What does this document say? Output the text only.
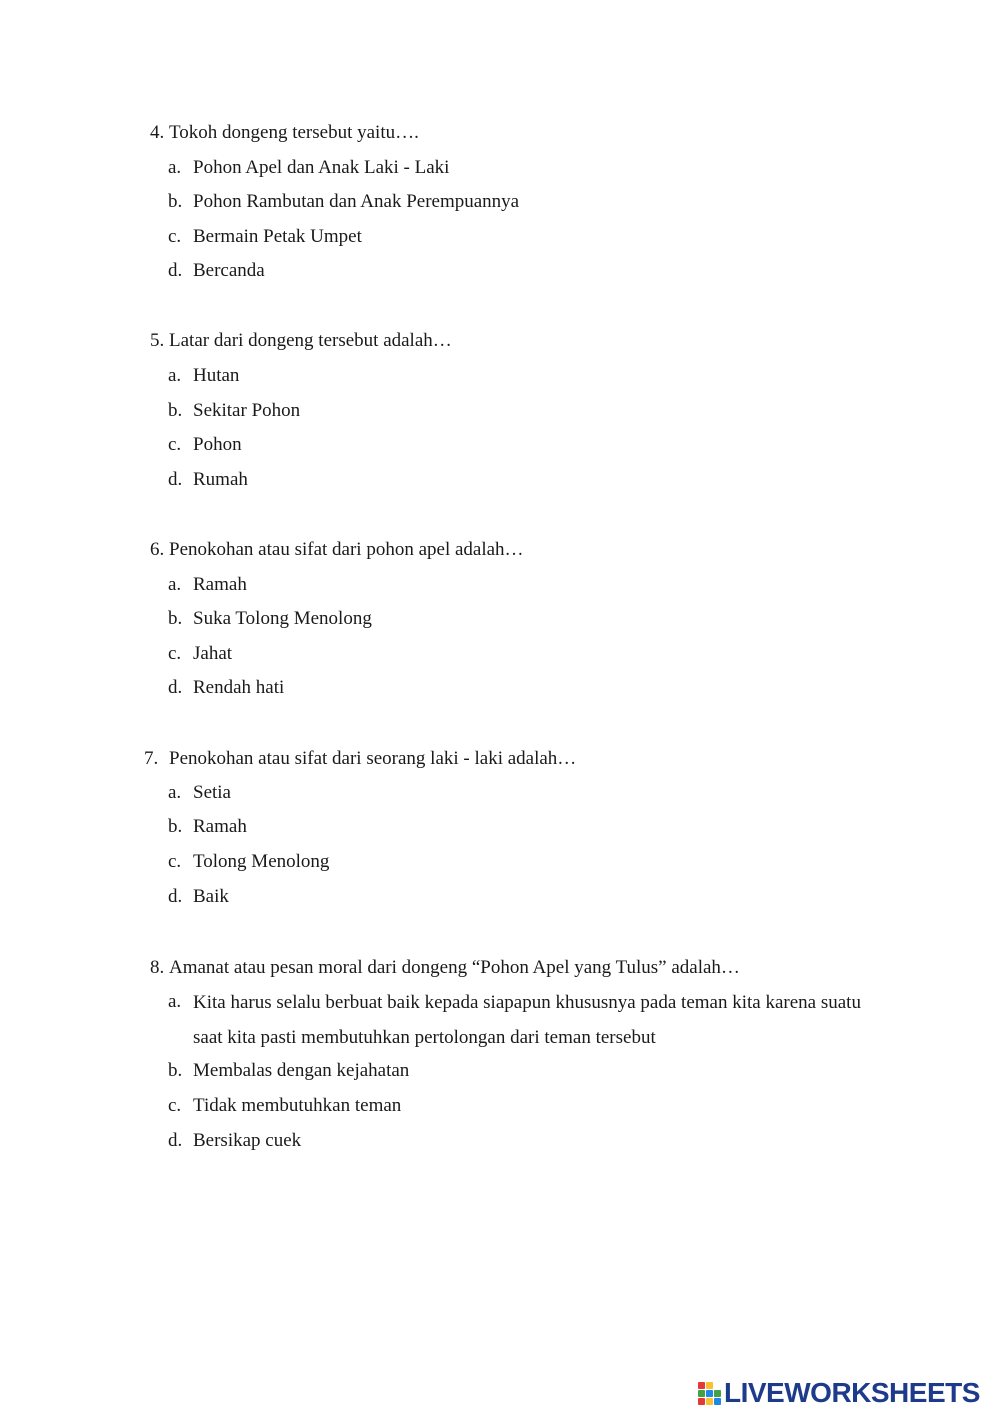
4. Tokoh dongeng tersebut yaitu….
a. Pohon Apel dan Anak Laki - Laki
b. Pohon Rambutan dan Anak Perempuannya
c. Bermain Petak Umpet
d. Bercanda
5. Latar dari dongeng tersebut adalah…
a. Hutan
b. Sekitar Pohon
c. Pohon
d. Rumah
6. Penokohan atau sifat dari pohon apel adalah…
a. Ramah
b. Suka Tolong Menolong
c. Jahat
d. Rendah hati
7. Penokohan atau sifat dari seorang laki - laki adalah…
a. Setia
b. Ramah
c. Tolong Menolong
d. Baik
8. Amanat atau pesan moral dari dongeng “Pohon Apel yang Tulus” adalah…
a. Kita harus selalu berbuat baik kepada siapapun khususnya pada teman kita karena suatu saat kita pasti membutuhkan pertolongan dari teman tersebut
b. Membalas dengan kejahatan
c. Tidak membutuhkan teman
d. Bersikap cuek
LIVEWORKSHEETS
